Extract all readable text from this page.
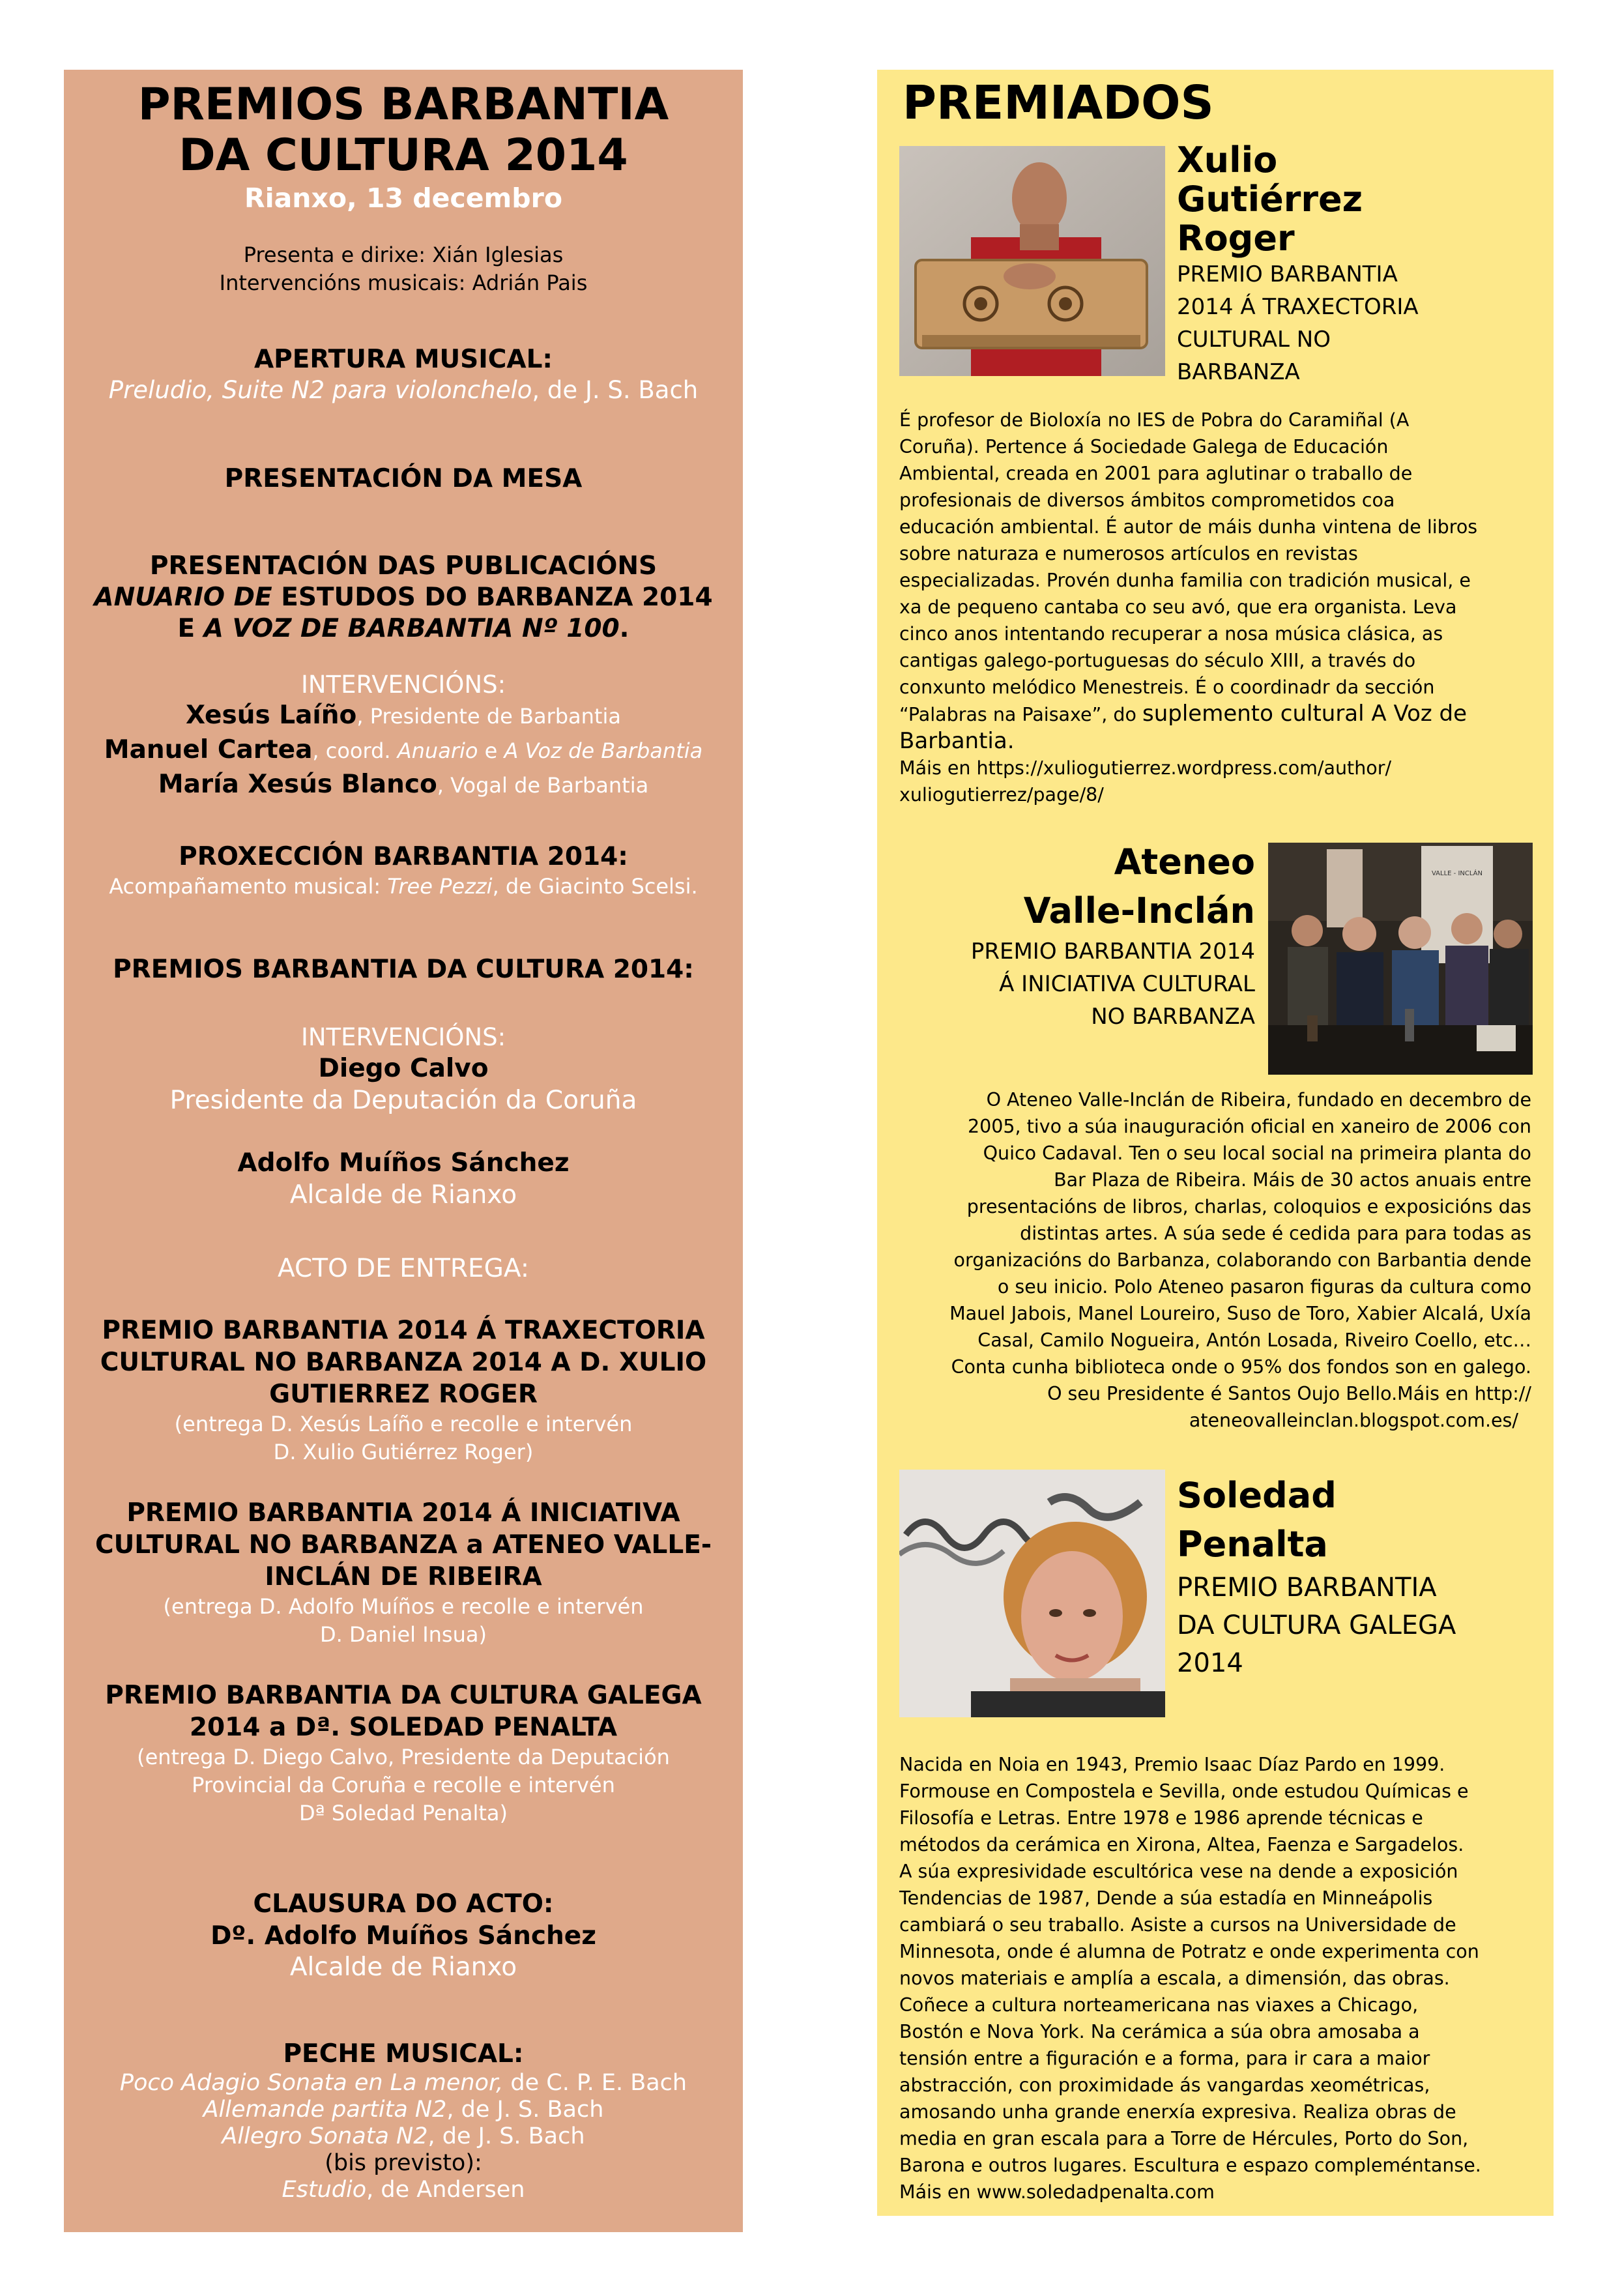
PREMIOS BARBANTIA
DA CULTURA 2014
Rianxo, 13 decembro
Presenta e dirixe: Xián Iglesias
Intervencións musicais: Adrián Pais
APERTURA MUSICAL:
Preludio, Suite N2 para violonchelo, de J. S. Bach
PRESENTACIÓN DA MESA
PRESENTACIÓN DAS PUBLICACIÓNS
ANUARIO DE ESTUDOS DO BARBANZA 2014
E A VOZ DE BARBANTIA Nº 100.
INTERVENCIÓNS:
Xesús Laíño, Presidente de Barbantia
Manuel Cartea, coord. Anuario e A Voz de Barbantia
María Xesús Blanco, Vogal de Barbantia
PROXECCIÓN BARBANTIA 2014:
Acompañamento musical: Tree Pezzi, de Giacinto Scelsi.
PREMIOS BARBANTIA DA CULTURA 2014:
INTERVENCIÓNS:
Diego Calvo
Presidente da Deputación da Coruña
Adolfo Muíños Sánchez
Alcalde de Rianxo
ACTO DE ENTREGA:
PREMIO BARBANTIA 2014 Á TRAXECTORIA
CULTURAL NO BARBANZA 2014 A D. XULIO
GUTIERREZ ROGER
(entrega D. Xesús Laíño e recolle e intervén
D. Xulio Gutiérrez Roger)
PREMIO BARBANTIA 2014 Á INICIATIVA
CULTURAL NO BARBANZA a ATENEO VALLE-
INCLÁN DE RIBEIRA
(entrega D. Adolfo Muíños e recolle e intervén
D. Daniel Insua)
PREMIO BARBANTIA DA CULTURA GALEGA
2014 a Dª. SOLEDAD PENALTA
(entrega D. Diego Calvo, Presidente da Deputación
Provincial da Coruña e recolle e intervén
Dª Soledad Penalta)
CLAUSURA DO ACTO:
Dº. Adolfo Muíños Sánchez
Alcalde de Rianxo
PECHE MUSICAL:
Poco Adagio Sonata en La menor, de C. P. E. Bach
Allemande partita N2, de J. S. Bach
Allegro Sonata N2, de J. S. Bach
(bis previsto):
Estudio, de Andersen
PREMIADOS
Xulio
Gutiérrez
Roger
PREMIO BARBANTIA
2014 Á TRAXECTORIA
CULTURAL NO
BARBANZA
É profesor de Bioloxía no IES de Pobra do Caramiñal (A
Coruña). Pertence á Sociedade Galega de Educación
Ambiental, creada en 2001 para aglutinar o traballo de
profesionais de diversos ámbitos comprometidos coa
educación ambiental. É autor de máis dunha vintena de libros
sobre naturaza e numerosos artículos en revistas
especializadas. Provén dunha familia con tradición musical, e
xa de pequeno cantaba co seu avó, que era organista. Leva
cinco anos intentando recuperar a nosa música clásica, as
cantigas galego-portuguesas do século XIII, a través do
conxunto melódico Menestreis. É o coordinadr da sección
“Palabras na Paisaxe”, do suplemento cultural A Voz de
Barbantia.
Máis en https://xuliogutierrez.wordpress.com/author/
xuliogutierrez/page/8/
Ateneo
Valle-Inclán
PREMIO BARBANTIA 2014
Á INICIATIVA CULTURAL
NO BARBANZA
VALLE - INCLÁN
O Ateneo Valle-Inclán de Ribeira, fundado en decembro de
2005, tivo a súa inauguración oficial en xaneiro de 2006 con
Quico Cadaval. Ten o seu local social na primeira planta do
Bar Plaza de Ribeira. Máis de 30 actos anuais entre
presentacións de libros, charlas, coloquios e exposicións das
distintas artes. A súa sede é cedida para para todas as
organizacións do Barbanza, colaborando con Barbantia dende
o seu inicio. Polo Ateneo pasaron figuras da cultura como
Mauel Jabois, Manel Loureiro, Suso de Toro, Xabier Alcalá, Uxía
Casal, Camilo Nogueira, Antón Losada, Riveiro Coello, etc…
Conta cunha biblioteca onde o 95% dos fondos son en galego.
O seu Presidente é Santos Oujo Bello.Máis en http://
ateneovalleinclan.blogspot.com.es/
Soledad
Penalta
PREMIO BARBANTIA
DA CULTURA GALEGA
2014
Nacida en Noia en 1943, Premio Isaac Díaz Pardo en 1999.
Formouse en Compostela e Sevilla, onde estudou Químicas e
Filosofía e Letras. Entre 1978 e 1986 aprende técnicas e
métodos da cerámica en Xirona, Altea, Faenza e Sargadelos.
A súa expresividade escultórica vese na dende a exposición
Tendencias de 1987, Dende a súa estadía en Minneápolis
cambiará o seu traballo. Asiste a cursos na Universidade de
Minnesota, onde é alumna de Potratz e onde experimenta con
novos materiais e amplía a escala, a dimensión, das obras.
Coñece a cultura norteamericana nas viaxes a Chicago,
Bostón e Nova York. Na cerámica a súa obra amosaba a
tensión entre a figuración e a forma, para ir cara a maior
abstracción, con proximidade ás vangardas xeométricas,
amosando unha grande enerxía expresiva. Realiza obras de
media en gran escala para a Torre de Hércules, Porto do Son,
Barona e outros lugares. Escultura e espazo compleméntanse.
Máis en www.soledadpenalta.com
